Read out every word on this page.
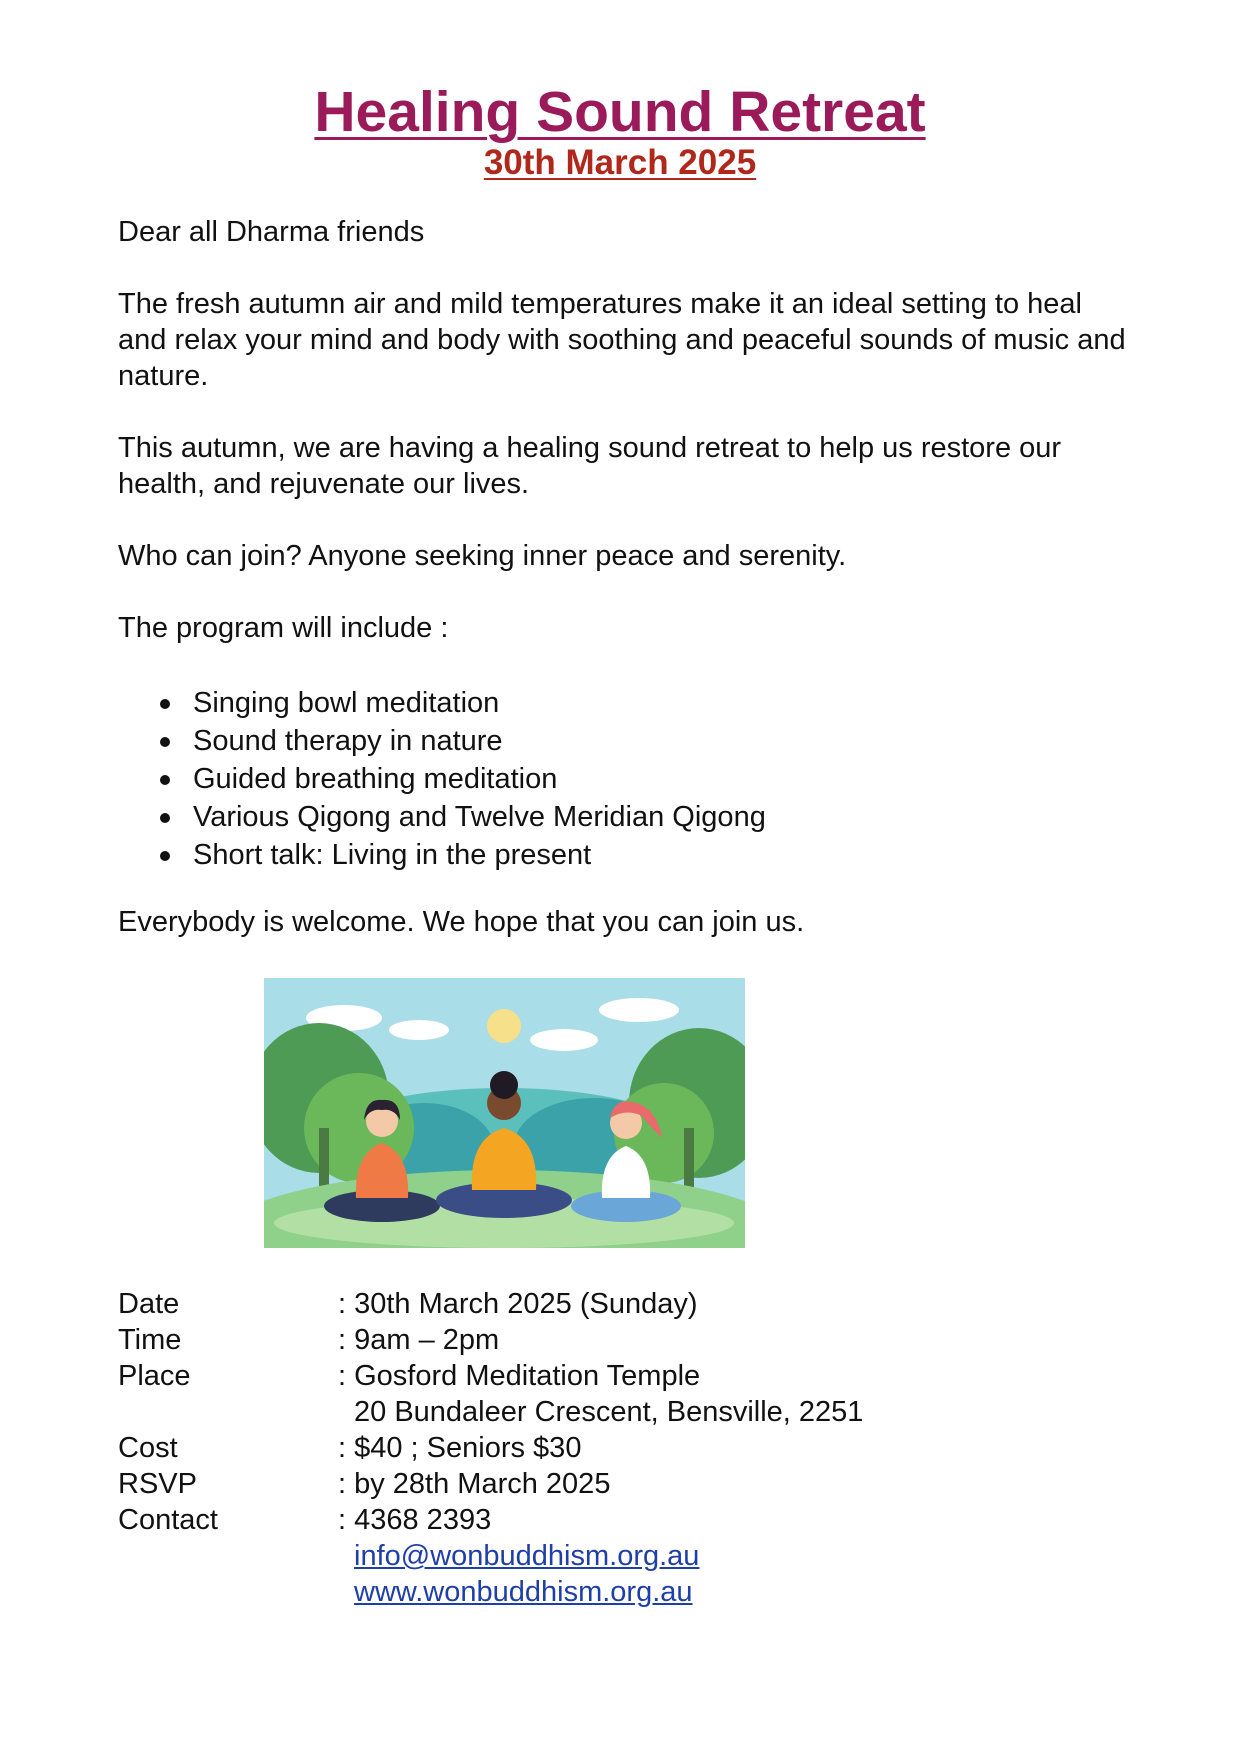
Healing Sound Retreat
30th March 2025

Dear all Dharma friends

The fresh autumn air and mild temperatures make it an ideal setting to heal and relax your mind and body with soothing and peaceful sounds of music and nature.

This autumn, we are having a healing sound retreat to help us restore our health, and rejuvenate our lives.

Who can join? Anyone seeking inner peace and serenity.

The program will include :

Singing bowl meditation
Sound therapy in nature
Guided breathing meditation
Various Qigong and Twelve Meridian Qigong
Short talk: Living in the present

Everybody is welcome. We hope that you can join us.

Date	: 30th March 2025 (Sunday)
Time	: 9am – 2pm
Place	: Gosford Meditation Temple
20 Bundaleer Crescent, Bensville, 2251
Cost	: $40 ; Seniors $30
RSVP	: by 28th March 2025
Contact	: 4368 2393
info@wonbuddhism.org.au
www.wonbuddhism.org.au
